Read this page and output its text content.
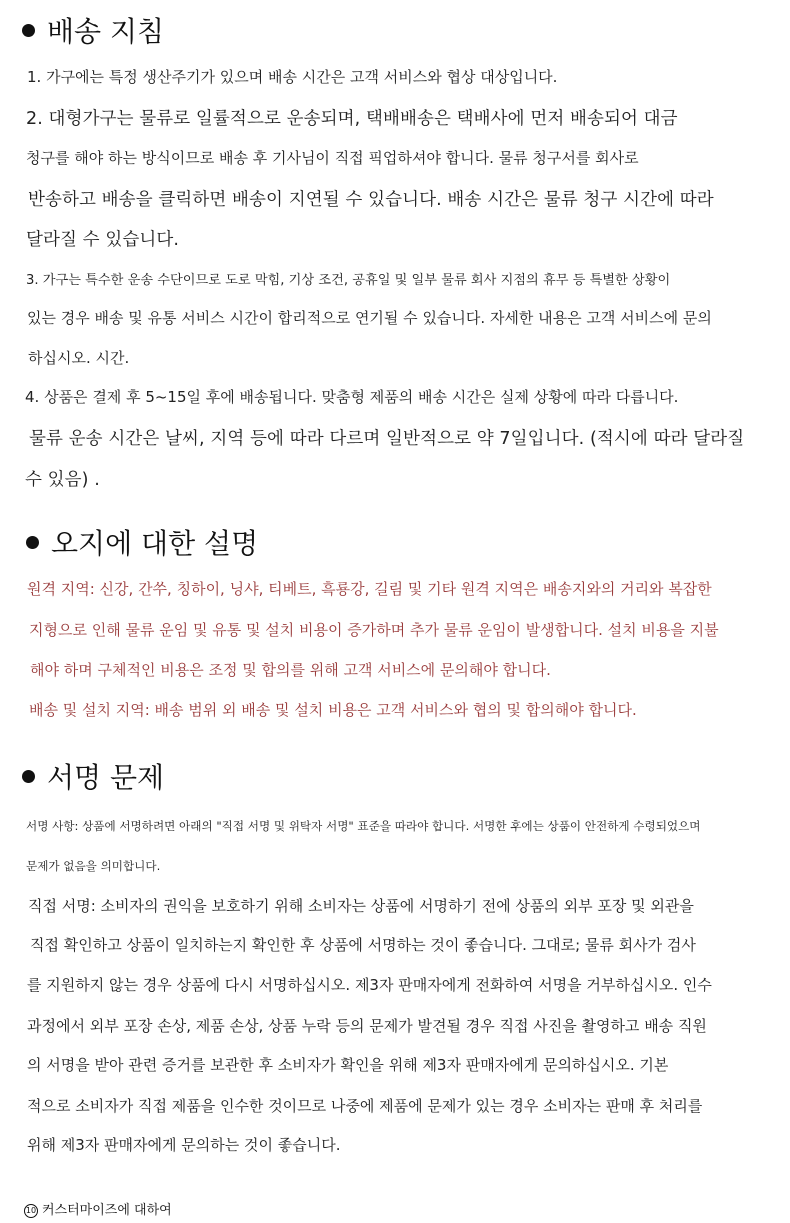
배송 지침
1. 가구에는 특정 생산주기가 있으며 배송 시간은 고객 서비스와 협상 대상입니다.
2. 대형가구는 물류로 일률적으로 운송되며, 택배배송은 택배사에 먼저 배송되어 대금
청구를 해야 하는 방식이므로 배송 후 기사님이 직접 픽업하셔야 합니다. 물류 청구서를 회사로
반송하고 배송을 클릭하면 배송이 지연될 수 있습니다. 배송 시간은 물류 청구 시간에 따라
달라질 수 있습니다.
3. 가구는 특수한 운송 수단이므로 도로 막힘, 기상 조건, 공휴일 및 일부 물류 회사 지점의 휴무 등 특별한 상황이
있는 경우 배송 및 유통 서비스 시간이 합리적으로 연기될 수 있습니다. 자세한 내용은 고객 서비스에 문의
하십시오. 시간.
4. 상품은 결제 후 5~15일 후에 배송됩니다. 맞춤형 제품의 배송 시간은 실제 상황에 따라 다릅니다.
물류 운송 시간은 날씨, 지역 등에 따라 다르며 일반적으로 약 7일입니다. (적시에 따라 달라질
수 있음) .
오지에 대한 설명
원격 지역: 신강, 간쑤, 칭하이, 닝샤, 티베트, 흑룡강, 길림 및 기타 원격 지역은 배송지와의 거리와 복잡한
지형으로 인해 물류 운임 및 유통 및 설치 비용이 증가하며 추가 물류 운임이 발생합니다. 설치 비용을 지불
해야 하며 구체적인 비용은 조정 및 합의를 위해 고객 서비스에 문의해야 합니다.
배송 및 설치 지역: 배송 범위 외 배송 및 설치 비용은 고객 서비스와 협의 및 합의해야 합니다.
서명 문제
서명 사항: 상품에 서명하려면 아래의 "직접 서명 및 위탁자 서명" 표준을 따라야 합니다. 서명한 후에는 상품이 안전하게 수령되었으며
문제가 없음을 의미합니다.
직접 서명: 소비자의 권익을 보호하기 위해 소비자는 상품에 서명하기 전에 상품의 외부 포장 및 외관을
직접 확인하고 상품이 일치하는지 확인한 후 상품에 서명하는 것이 좋습니다. 그대로; 물류 회사가 검사
를 지원하지 않는 경우 상품에 다시 서명하십시오. 제3자 판매자에게 전화하여 서명을 거부하십시오. 인수
과정에서 외부 포장 손상, 제품 손상, 상품 누락 등의 문제가 발견될 경우 직접 사진을 촬영하고 배송 직원
의 서명을 받아 관련 증거를 보관한 후 소비자가 확인을 위해 제3자 판매자에게 문의하십시오. 기본
적으로 소비자가 직접 제품을 인수한 것이므로 나중에 제품에 문제가 있는 경우 소비자는 판매 후 처리를
위해 제3자 판매자에게 문의하는 것이 좋습니다.
10 커스터마이즈에 대하여
